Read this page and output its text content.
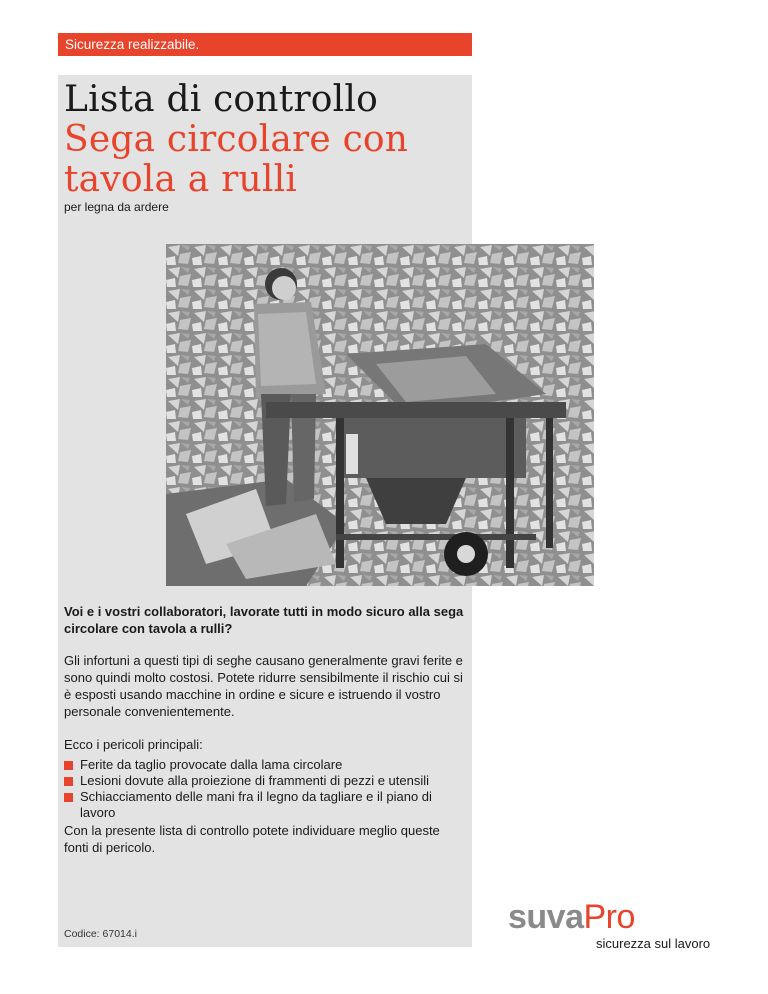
Sicurezza realizzabile.
Lista di controllo
Sega circolare con
tavola a rulli
per legna da ardere
Voi e i vostri collaboratori, lavorate tutti in modo sicuro alla sega circolare con tavola a rulli?
Gli infortuni a questi tipi di seghe causano generalmente gravi ferite e sono quindi molto costosi. Potete ridurre sensibilmente il rischio cui si è esposti usando macchine in ordine e sicure e istruendo il vostro personale convenientemente.
Ecco i pericoli principali:
Ferite da taglio provocate dalla lama circolare
Lesioni dovute alla proiezione di frammenti di pezzi e utensili
Schiacciamento delle mani fra il legno da tagliare e il piano di lavoro
Con la presente lista di controllo potete individuare meglio queste fonti di pericolo.
Codice: 67014.i	suvaPro
sicurezza sul lavoro
